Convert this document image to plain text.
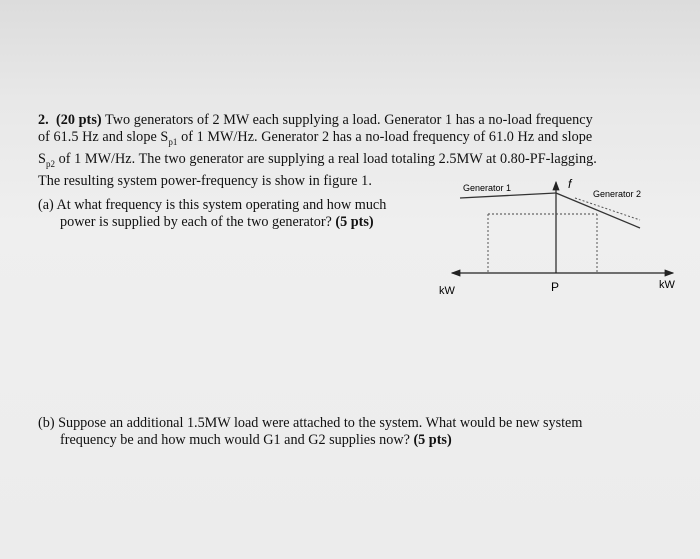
2. (20 pts) Two generators of 2 MW each supplying a load. Generator 1 has a no-load frequency
of 61.5 Hz and slope $S_{p1}$ of 1 MW/Hz. Generator 2 has a no-load frequency of 61.0 Hz and slope
$S_{p2}$ of 1 MW/Hz. The two generator are supplying a real load totaling 2.5MW at 0.80-PF-lagging.
The resulting system power-frequency is show in figure 1.
(a) At what frequency is this system operating and how much
power is supplied by each of the two generator? (5 pts)
(b) Suppose an additional 1.5MW load were attached to the system. What would be new system
frequency be and how much would G1 and G2 supplies now? (5 pts)
Generator 1
Generator 2
f
kW	kW
P
